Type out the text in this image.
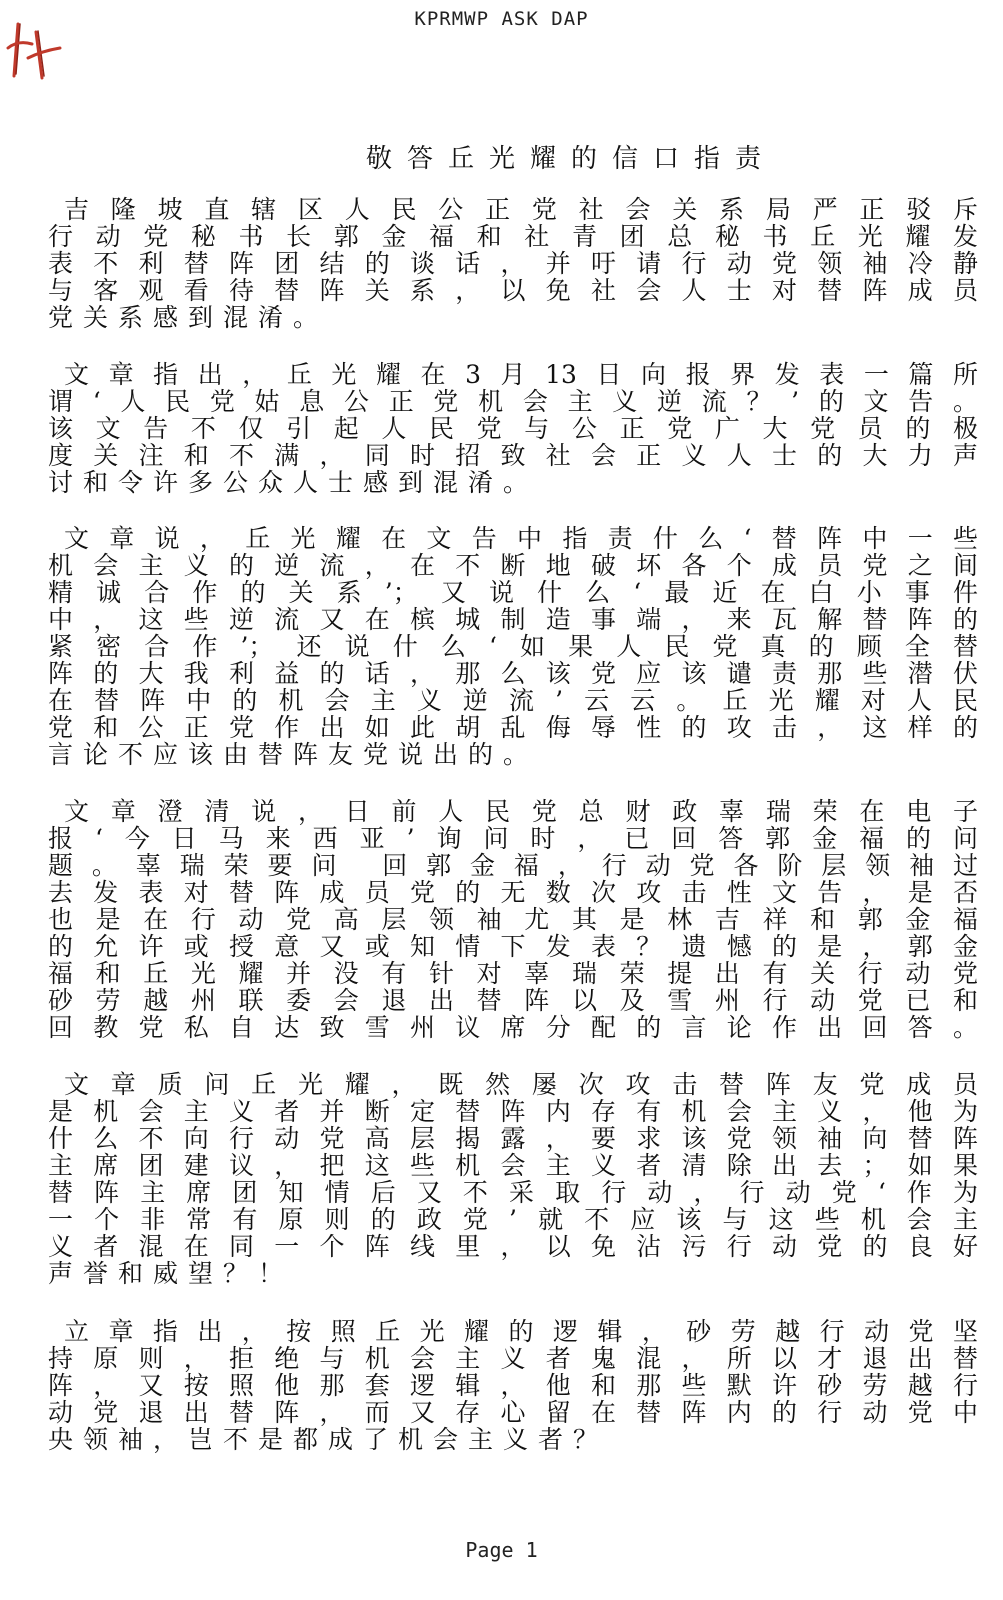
KPRMWP ASK DAP
敬答丘光耀的信口指责
吉隆坡直辖区人民公正党社会关系局严正驳斥
行动党秘书长郭金福和社青团总秘书丘光耀发
表不利替阵团结的谈话，并吁请行动党领袖冷静
与客观看待替阵关系，以免社会人士对替阵成员
党关系感到混淆。
文章指出，丘光耀在3月13日向报界发表一篇所
谓‘人民党姑息公正党机会主义逆流？’的文告。
该文告不仅引起人民党与公正党广大党员的极
度关注和不满，同时招致社会正义人士的大力声
讨和令许多公众人士感到混淆。
文章说，丘光耀在文告中指责什么‘替阵中一些
机会主义的逆流，在不断地破坏各个成员党之间
精诚合作的关系’；又说什么‘最近在白小事件
中，这些逆流又在槟城制造事端，来瓦解替阵的
紧密合作’；还说什么‘如果人民党真的顾全替
阵的大我利益的话，那么该党应该谴责那些潜伏
在替阵中的机会主义逆流’云云。丘光耀对人民
党和公正党作出如此胡乱侮辱性的攻击，这样的
言论不应该由替阵友党说出的。
文章澄清说，日前人民党总财政辜瑞荣在电子
报‘今日马来西亚’询问时，已回答郭金福的问
题。辜瑞荣要问 回郭金福，行动党各阶层领袖过
去发表对替阵成员党的无数次攻击性文告，是否
也是在行动党高层领袖尤其是林吉祥和郭金福
的允许或授意又或知情下发表？遗憾的是，郭金
福和丘光耀并没有针对辜瑞荣提出有关行动党
砂劳越州联委会退出替阵以及雪州行动党已和
回教党私自达致雪州议席分配的言论作出回答。
文章质问丘光耀，既然屡次攻击替阵友党成员
是机会主义者并断定替阵内存有机会主义，他为
什么不向行动党高层揭露，要求该党领袖向替阵
主席团建议，把这些机会主义者清除出去；如果
替阵主席团知情后又不采取行动，行动党‘作为
一个非常有原则的政党’就不应该与这些机会主
义者混在同一个阵线里，以免沾污行动党的良好
声誉和威望？！
立章指出，按照丘光耀的逻辑，砂劳越行动党坚
持原则，拒绝与机会主义者鬼混，所以才退出替
阵，又按照他那套逻辑，他和那些默许砂劳越行
动党退出替阵，而又存心留在替阵内的行动党中
央领袖，岂不是都成了机会主义者？
Page 1
